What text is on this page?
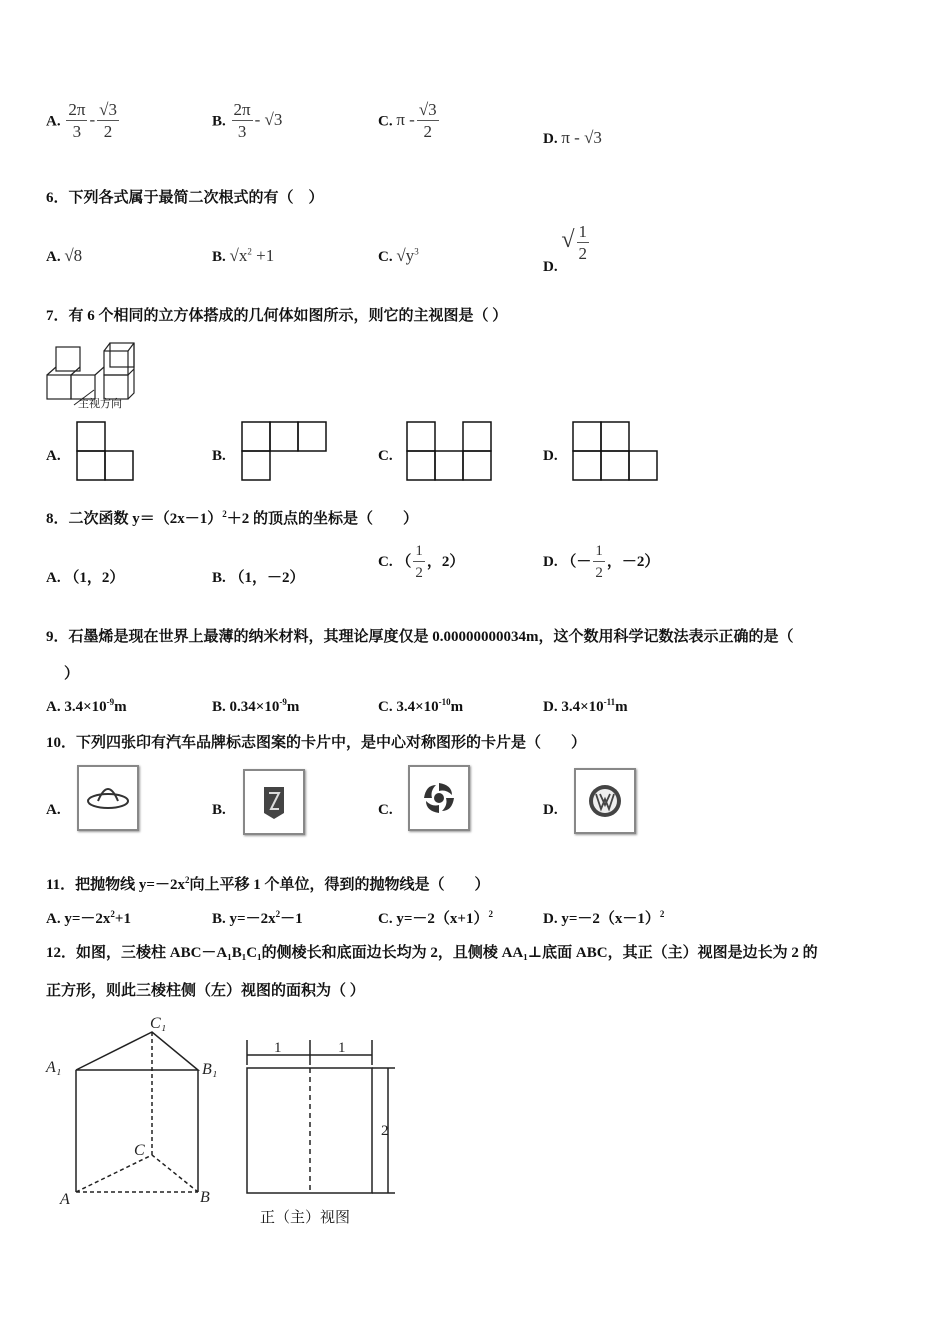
A. $\frac{2\pi}{3} - \frac{√3}{2}$	B. $\frac{2\pi}{3} - √3$	C. π - $\frac{√3}{2}$	D. π - √3
6．下列各式属于最简二次根式的有（　）
A. √8	B. $√x^2 +1$	C. $√y^3$
D. √ $\frac{1}{2}$
7．有 6 个相同的立方体搭成的几何体如图所示，则它的主视图是（ ）
主视方向
A.	B.	C.	D.
8．二次函数 $y=(2x-1)^2+2$ 的顶点的坐标是（　　）
A. （1，2）	B. （1，－2）
C. （ $\frac{1}{2}$ ，2）	D. （－ $\frac{1}{2}$ ，－2）
9．石墨烯是现在世界上最薄的纳米材料，其理论厚度仅是 0.00000000034m，这个数用科学记数法表示正确的是（
）
A. $3.4\times 10^{-9}m$	B. $0.34\times 10^{-9}m$	C. $3.4\times 10^{-10}m$	D. $3.4\times 10^{-11}m$
10．下列四张印有汽车品牌标志图案的卡片中，是中心对称图形的卡片是（　　）
A.	B.	C.	D.
11．把抛物线 $y=-2x^2$向上平移 1 个单位，得到的抛物线是（　　）
A. $y=-2x^2+1$	B. $y=-2x^2-1$	C. $y=-2(x+1)^2$	D. $y=-2(x-1)^2$
12．如图，三棱柱 ABC－A₁B₁C₁的侧棱长和底面边长均为 2，且侧棱 AA₁⊥底面 ABC，其正（主）视图是边长为 2 的
正方形，则此三棱柱侧（左）视图的面积为（ ）
C₁
A₁	B₁
C
A	B
1	1
2
正（主）视图
